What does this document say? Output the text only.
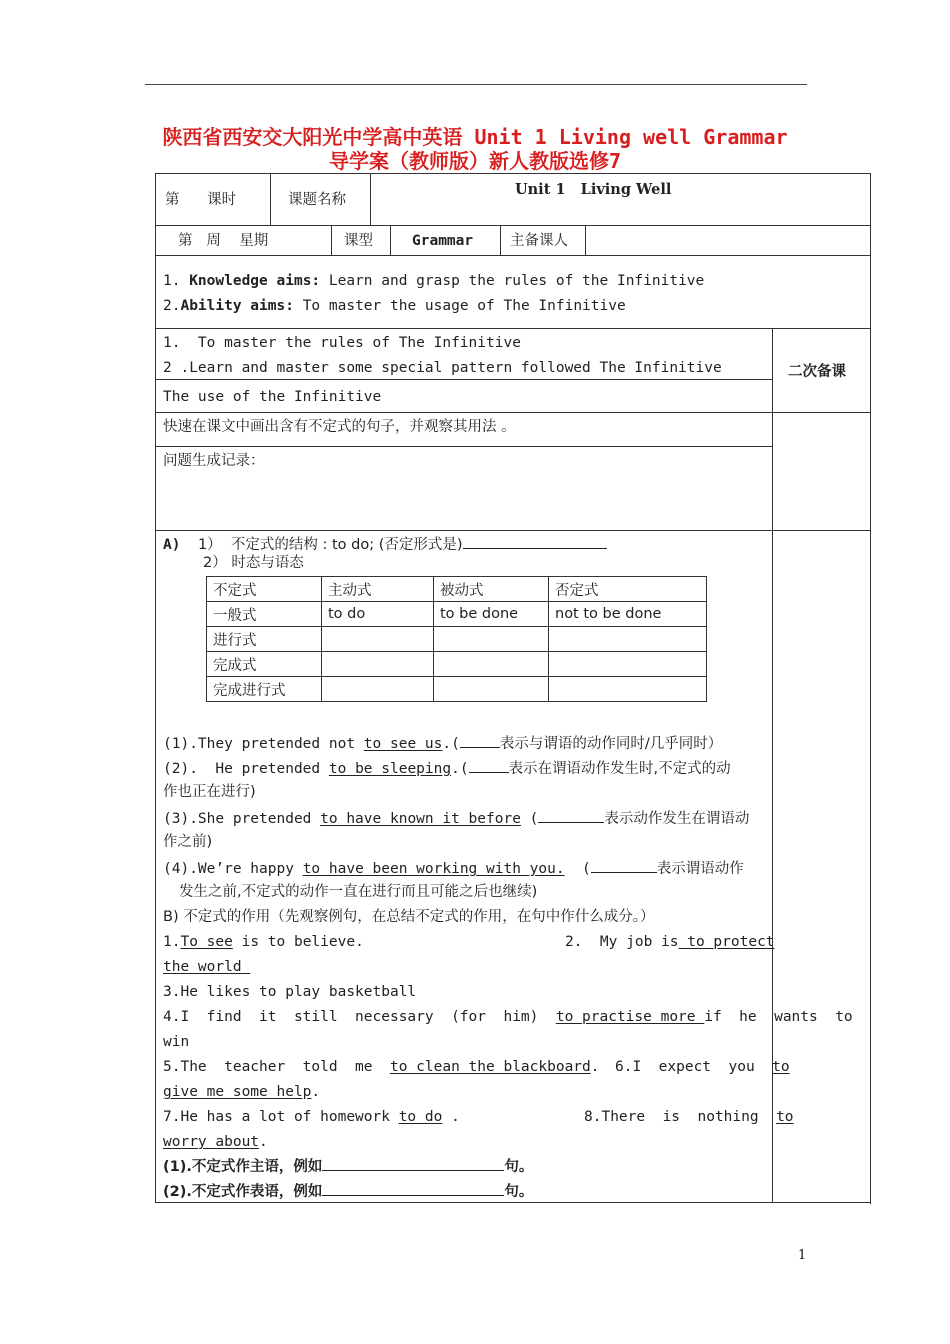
陕西省西安交大阳光中学高中英语 Unit 1 Living well Grammar
导学案（教师版）新人教版选修7
第      课时	课题名称
Unit 1   Living Well
第   周    星期	课型	Grammar	主备课人
1. Knowledge aims: Learn and grasp the rules of the Infinitive
2.Ability aims: To master the usage of The Infinitive
1.  To master the rules of The Infinitive
2 .Learn and master some special pattern followed The Infinitive
The use of the Infinitive
二次备课
快速在课文中画出含有不定式的句子，并观察其用法 。
问题生成记录：
A) 1）  不定式的结构 : to do; (否定形式是)
2） 时态与语态
不定式	主动式	被动式	否定式
一般式	to do	to be done	not to be done
进行式			
完成式			
完成进行式			
(1).They pretended not to see us.(	表示与谓语的动作同时/几乎同时）
(2).  He pretended to be sleeping.(	表示在谓语动作发生时,不定式的动
作也正在进行)
(3).She pretended to have known it before (	表示动作发生在谓语动
作之前)
(4).We’re happy to have been working with you.  (	表示谓语动作
发生之前,不定式的动作一直在进行而且可能之后也继续)
B) 不定式的作用（先观察例句，在总结不定式的作用，在句中作什么成分。）
1.To see is to believe.	2.  My job is to protect
the world
3.He likes to play basketball
4.I  find  it  still  necessary  (for  him)  to practise more if  he  wants  to
win
5.The  teacher  told  me  to clean the blackboard. 6.I  expect  you  to
give me some help.
7.He has a lot of homework to do .	8.There  is  nothing  to
worry about.
(1).不定式作主语，例如	句。
(2).不定式作表语，例如	句。
1
